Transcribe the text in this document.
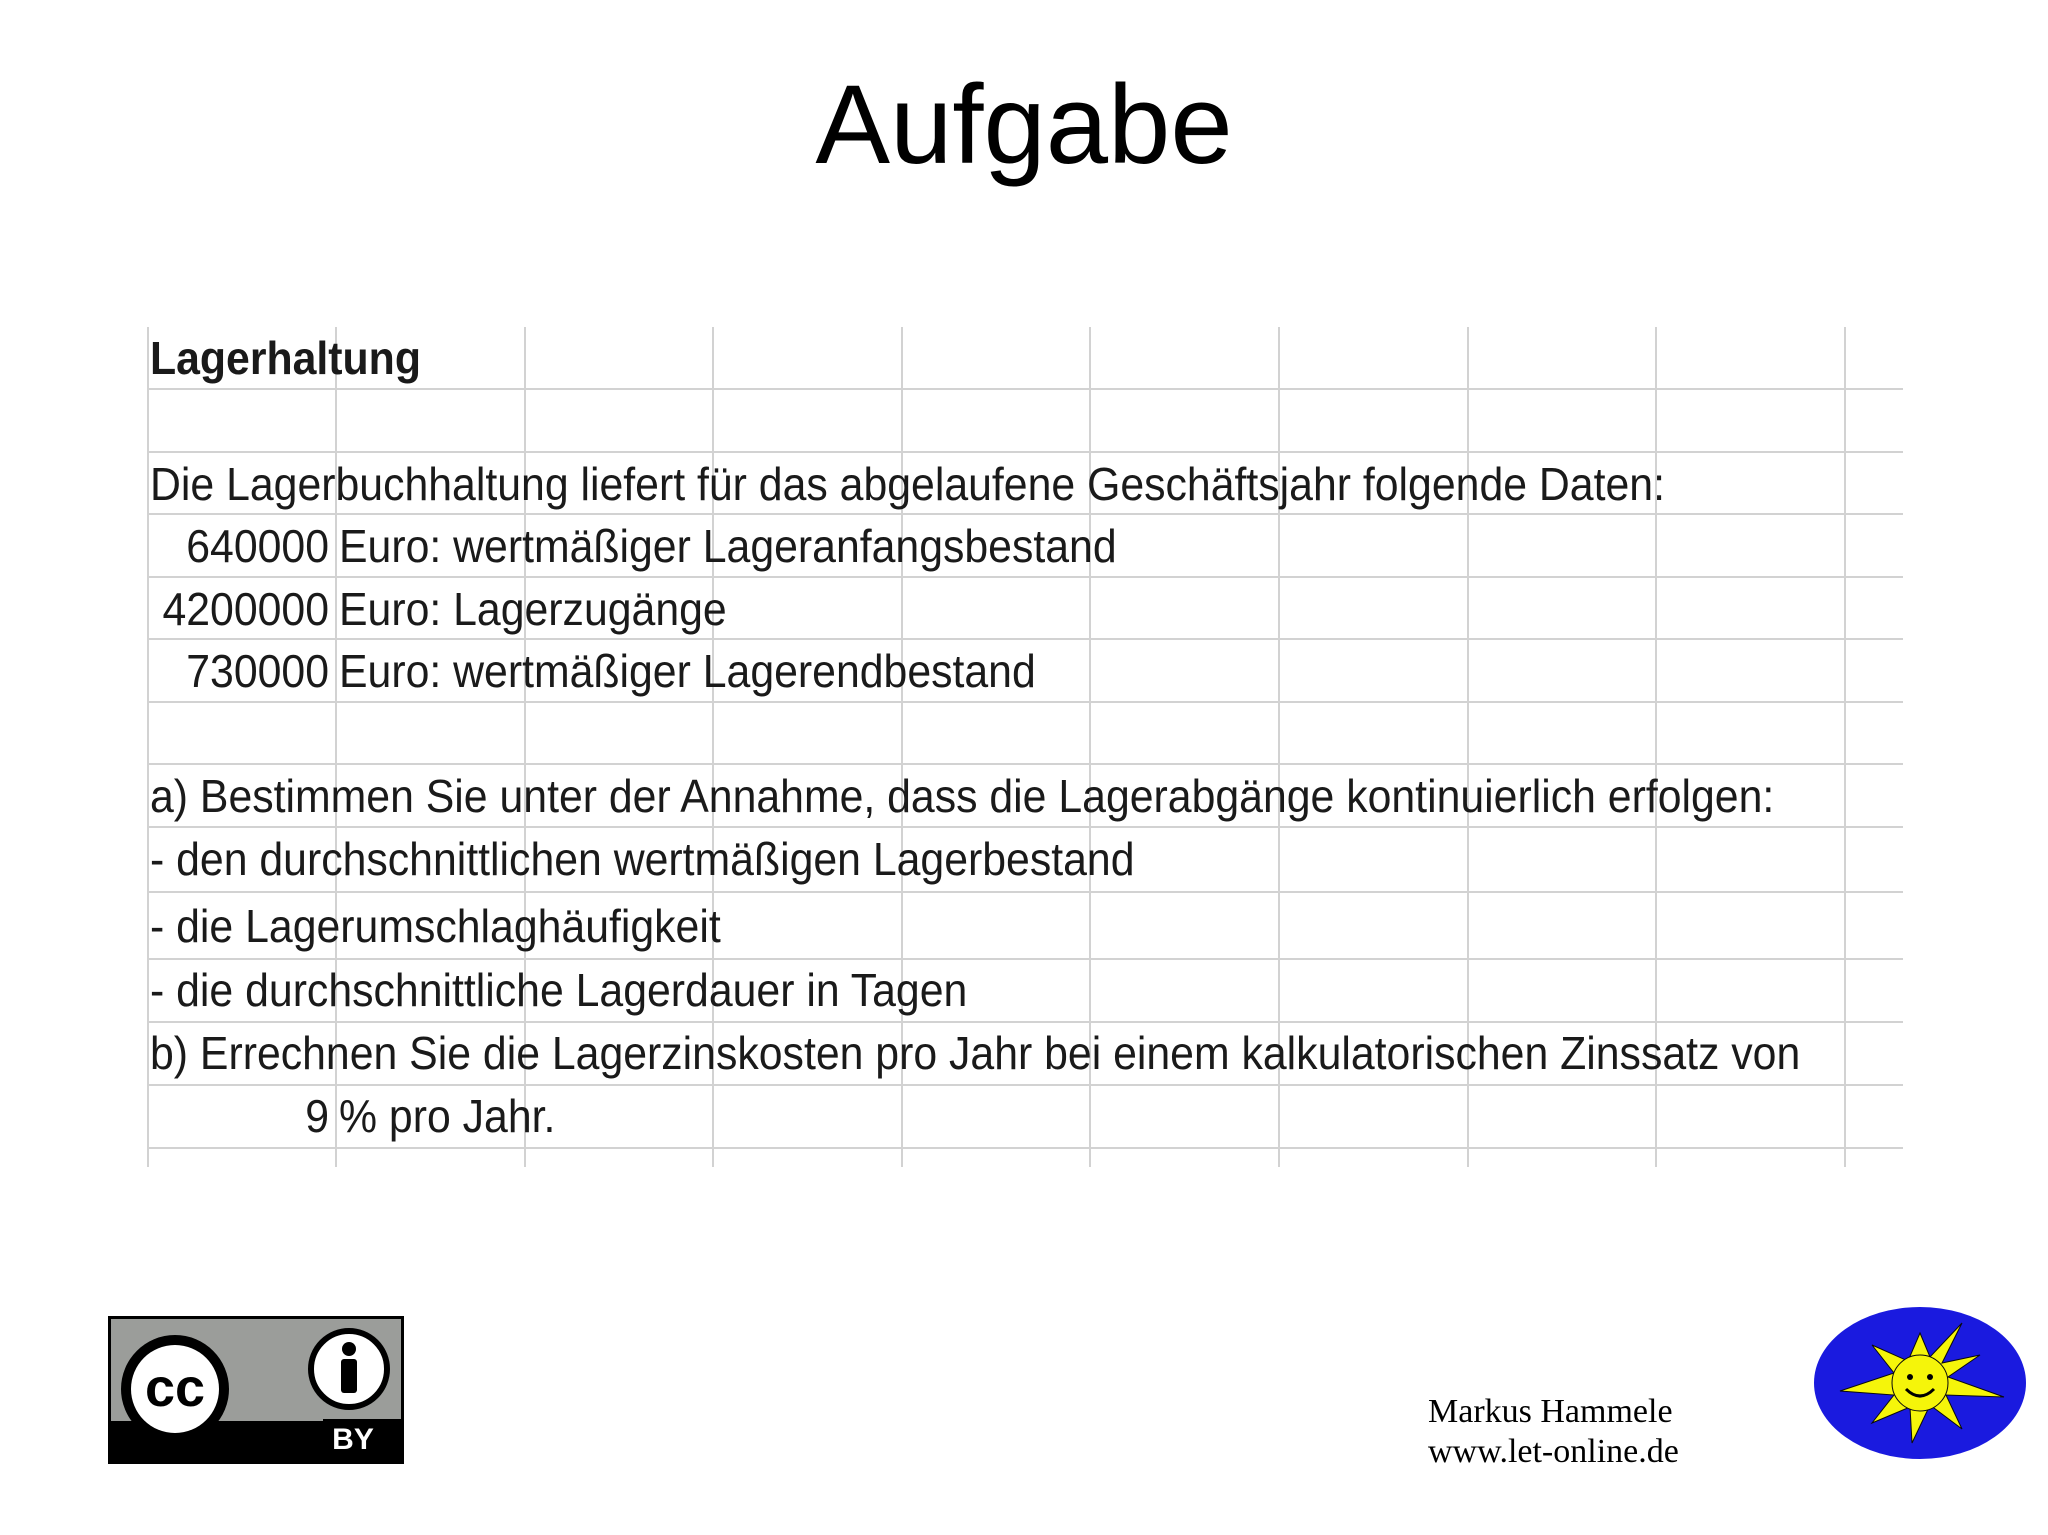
Aufgabe
Lagerhaltung
Die Lagerbuchhaltung liefert für das abgelaufene Geschäftsjahr folgende Daten:
640000 Euro: wertmäßiger Lageranfangsbestand
4200000 Euro: Lagerzugänge
730000 Euro: wertmäßiger Lagerendbestand
a) Bestimmen Sie unter der Annahme, dass die Lagerabgänge kontinuierlich erfolgen:
- den durchschnittlichen wertmäßigen Lagerbestand
- die Lagerumschlaghäufigkeit
- die durchschnittliche Lagerdauer in Tagen
b) Errechnen Sie die Lagerzinskosten pro Jahr bei einem kalkulatorischen Zinssatz von
9 % pro Jahr.
cc
BY
Markus Hammele
www.let-online.de
